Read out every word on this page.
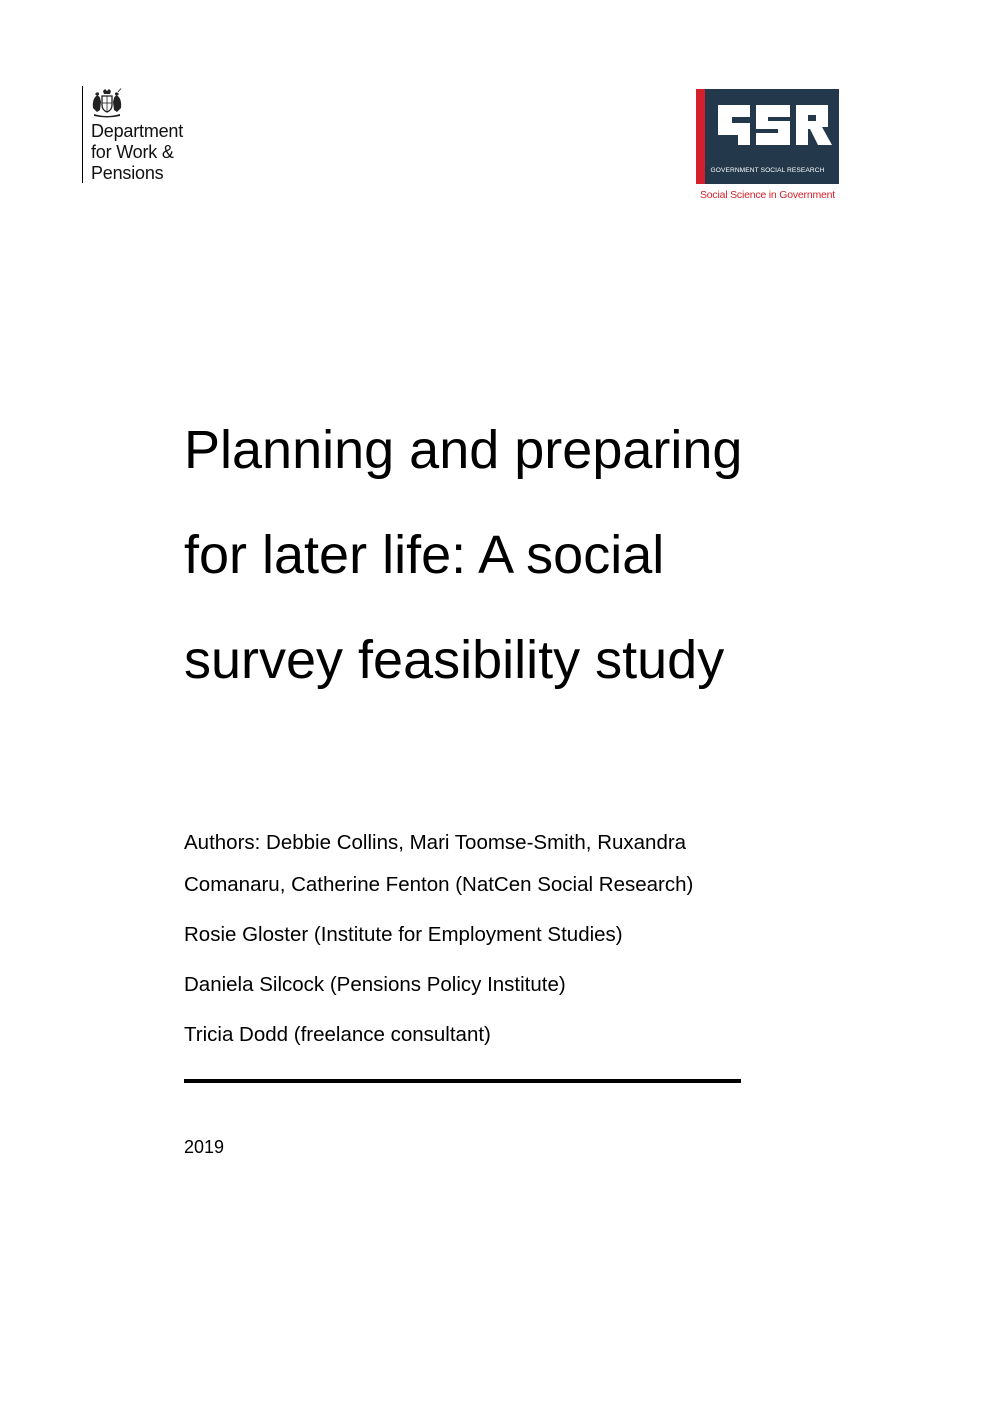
Department
for Work &
Pensions	GOVERNMENT SOCIAL RESEARCH
Social Science in Government
Planning and preparing
for later life: A social
survey feasibility study

Authors: Debbie Collins, Mari Toomse-Smith, Ruxandra

Comanaru, Catherine Fenton (NatCen Social Research)

Rosie Gloster (Institute for Employment Studies)

Daniela Silcock (Pensions Policy Institute)

Tricia Dodd (freelance consultant)

2019
